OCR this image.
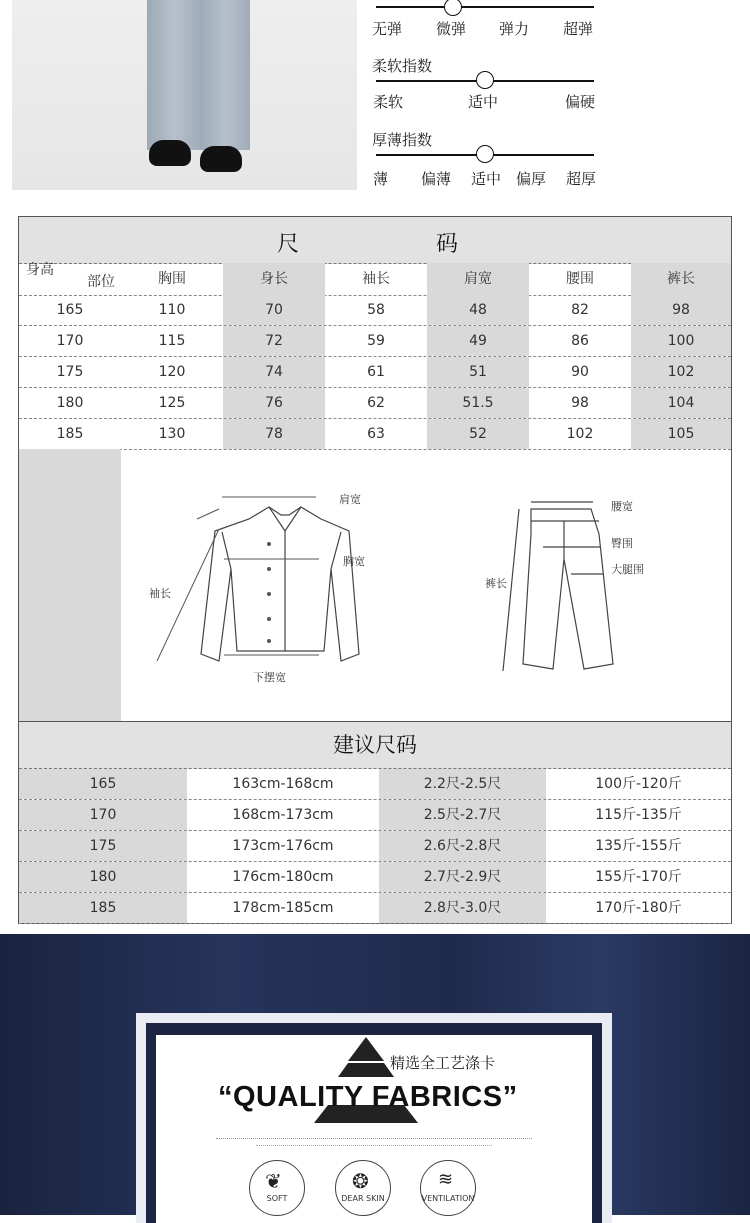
无弹 微弹 弹力 超弹
柔软指数
柔软	适中	偏硬
厚薄指数
薄 偏薄 适中 偏厚 超厚
尺	码
身高
部位	胸围	身长	袖长	肩宽	腰围	裤长
165	110	70	58	48	82	98
170	115	72	59	49	86	100
175	120	74	61	51	90	102
180	125	76	62	51.5	98	104
185	130	78	63	52	102	105
肩宽
胸宽
袖长
下摆宽
腰宽
臀围
大腿围
裤长
建议尺码
165	163cm-168cm	2.2尺-2.5尺	100斤-120斤
170	168cm-173cm	2.5尺-2.7尺	115斤-135斤
175	173cm-176cm	2.6尺-2.8尺	135斤-155斤
180	176cm-180cm	2.7尺-2.9尺	155斤-170斤
185	178cm-185cm	2.8尺-3.0尺	170斤-180斤
精选全工艺涤卡
“QUALITY FABRICS”
❦
SOFT
❂
DEAR SKIN
≋
VENTILATION
